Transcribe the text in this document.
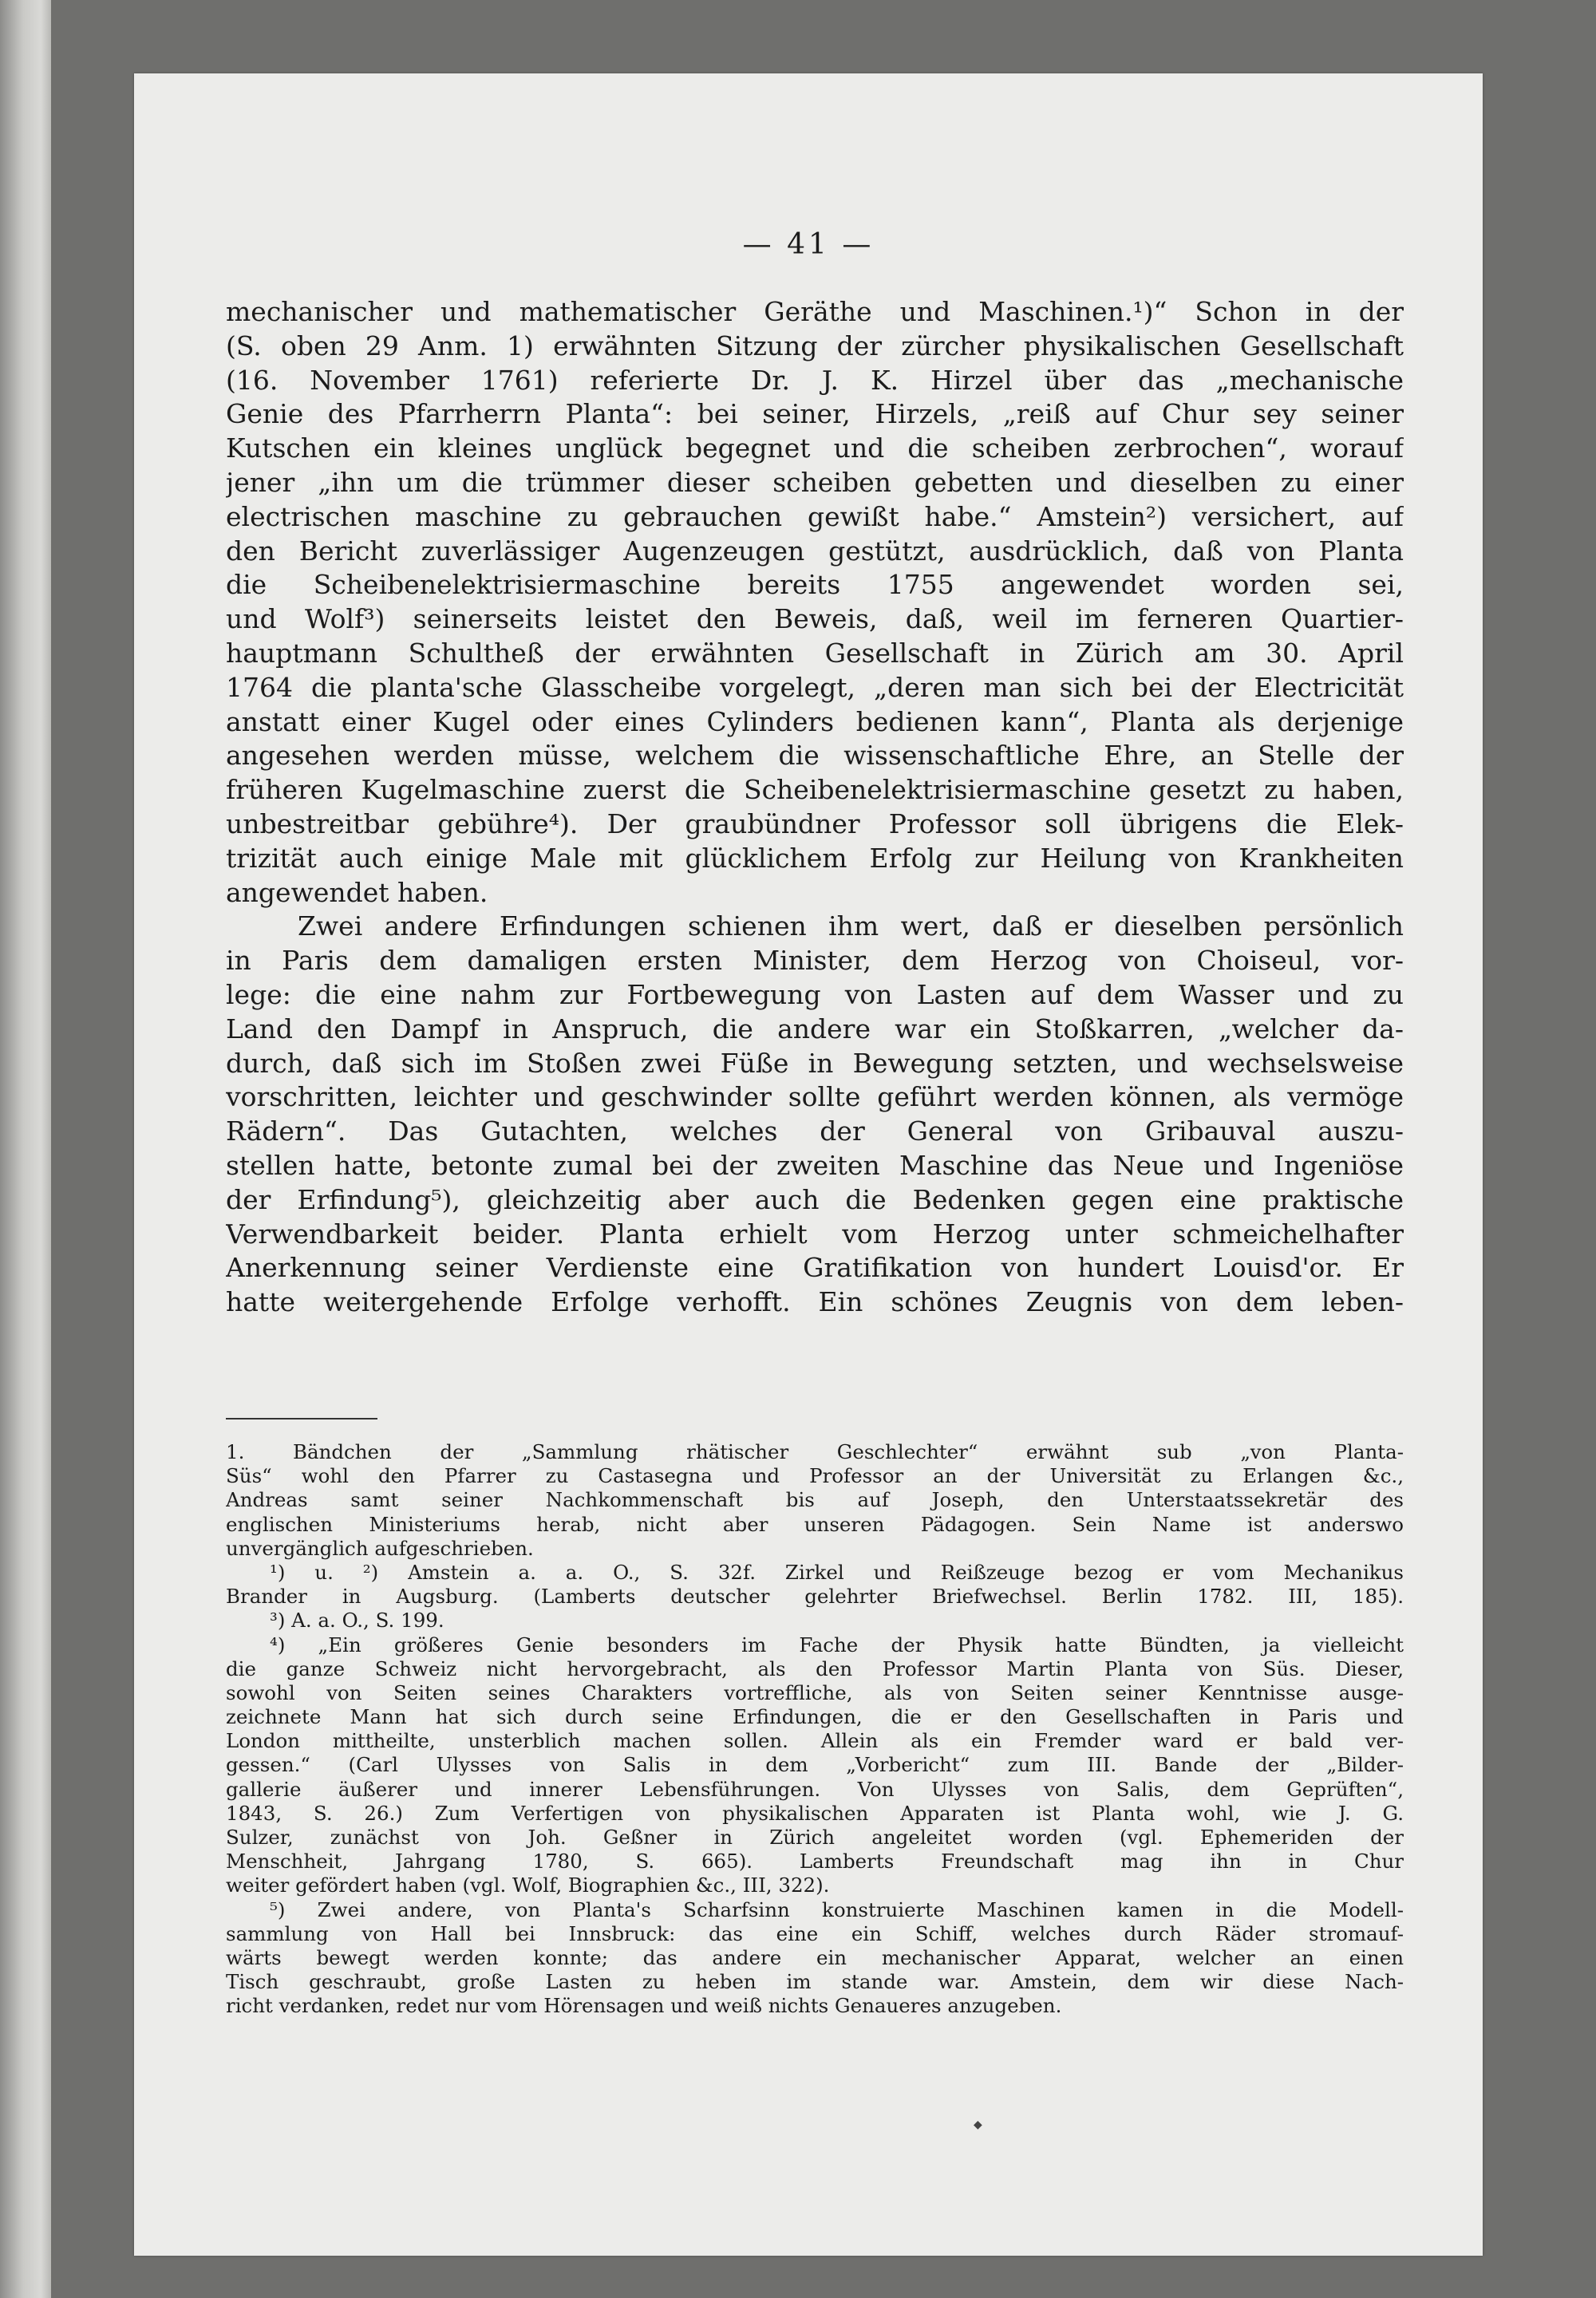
— 41 —
mechanischer und mathematischer Geräthe und Maschinen.¹)“ Schon in der
(S. oben 29 Anm. 1) erwähnten Sitzung der zürcher physikalischen Gesellschaft
(16. November 1761) referierte Dr. J. K. Hirzel über das „mechanische
Genie des Pfarrherrn Planta“: bei seiner, Hirzels, „reiß auf Chur sey seiner
Kutschen ein kleines unglück begegnet und die scheiben zerbrochen“, worauf
jener „ihn um die trümmer dieser scheiben gebetten und dieselben zu einer
electrischen maschine zu gebrauchen gewißt habe.“ Amstein²) versichert, auf
den Bericht zuverlässiger Augenzeugen gestützt, ausdrücklich, daß von Planta
die Scheibenelektrisiermaschine bereits 1755 angewendet worden sei,
und Wolf³) seinerseits leistet den Beweis, daß, weil im ferneren Quartier-
hauptmann Schultheß der erwähnten Gesellschaft in Zürich am 30. April
1764 die planta'sche Glasscheibe vorgelegt, „deren man sich bei der Electricität
anstatt einer Kugel oder eines Cylinders bedienen kann“, Planta als derjenige
angesehen werden müsse, welchem die wissenschaftliche Ehre, an Stelle der
früheren Kugelmaschine zuerst die Scheibenelektrisiermaschine gesetzt zu haben,
unbestreitbar gebühre⁴). Der graubündner Professor soll übrigens die Elek-
trizität auch einige Male mit glücklichem Erfolg zur Heilung von Krankheiten
angewendet haben.
Zwei andere Erfindungen schienen ihm wert, daß er dieselben persönlich
in Paris dem damaligen ersten Minister, dem Herzog von Choiseul, vor-
lege: die eine nahm zur Fortbewegung von Lasten auf dem Wasser und zu
Land den Dampf in Anspruch, die andere war ein Stoßkarren, „welcher da-
durch, daß sich im Stoßen zwei Füße in Bewegung setzten, und wechselsweise
vorschritten, leichter und geschwinder sollte geführt werden können, als vermöge
Rädern“. Das Gutachten, welches der General von Gribauval auszu-
stellen hatte, betonte zumal bei der zweiten Maschine das Neue und Ingeniöse
der Erfindung⁵), gleichzeitig aber auch die Bedenken gegen eine praktische
Verwendbarkeit beider. Planta erhielt vom Herzog unter schmeichelhafter
Anerkennung seiner Verdienste eine Gratifikation von hundert Louisd'or. Er
hatte weitergehende Erfolge verhofft. Ein schönes Zeugnis von dem leben-
1. Bändchen der „Sammlung rhätischer Geschlechter“ erwähnt sub „von Planta-
Süs“ wohl den Pfarrer zu Castasegna und Professor an der Universität zu Erlangen &c.,
Andreas samt seiner Nachkommenschaft bis auf Joseph, den Unterstaatssekretär des
englischen Ministeriums herab, nicht aber unseren Pädagogen. Sein Name ist anderswo
unvergänglich aufgeschrieben.
¹) u. ²) Amstein a. a. O., S. 32f. Zirkel und Reißzeuge bezog er vom Mechanikus
Brander in Augsburg. (Lamberts deutscher gelehrter Briefwechsel. Berlin 1782. III, 185).
³) A. a. O., S. 199.
⁴) „Ein größeres Genie besonders im Fache der Physik hatte Bündten, ja vielleicht
die ganze Schweiz nicht hervorgebracht, als den Professor Martin Planta von Süs. Dieser,
sowohl von Seiten seines Charakters vortreffliche, als von Seiten seiner Kenntnisse ausge-
zeichnete Mann hat sich durch seine Erfindungen, die er den Gesellschaften in Paris und
London mittheilte, unsterblich machen sollen. Allein als ein Fremder ward er bald ver-
gessen.“ (Carl Ulysses von Salis in dem „Vorbericht“ zum III. Bande der „Bilder-
gallerie äußerer und innerer Lebensführungen. Von Ulysses von Salis, dem Geprüften“,
1843, S. 26.) Zum Verfertigen von physikalischen Apparaten ist Planta wohl, wie J. G.
Sulzer, zunächst von Joh. Geßner in Zürich angeleitet worden (vgl. Ephemeriden der
Menschheit, Jahrgang 1780, S. 665). Lamberts Freundschaft mag ihn in Chur
weiter gefördert haben (vgl. Wolf, Biographien &c., III, 322).
⁵) Zwei andere, von Planta's Scharfsinn konstruierte Maschinen kamen in die Modell-
sammlung von Hall bei Innsbruck: das eine ein Schiff, welches durch Räder stromauf-
wärts bewegt werden konnte; das andere ein mechanischer Apparat, welcher an einen
Tisch geschraubt, große Lasten zu heben im stande war. Amstein, dem wir diese Nach-
richt verdanken, redet nur vom Hörensagen und weiß nichts Genaueres anzugeben.
◆
